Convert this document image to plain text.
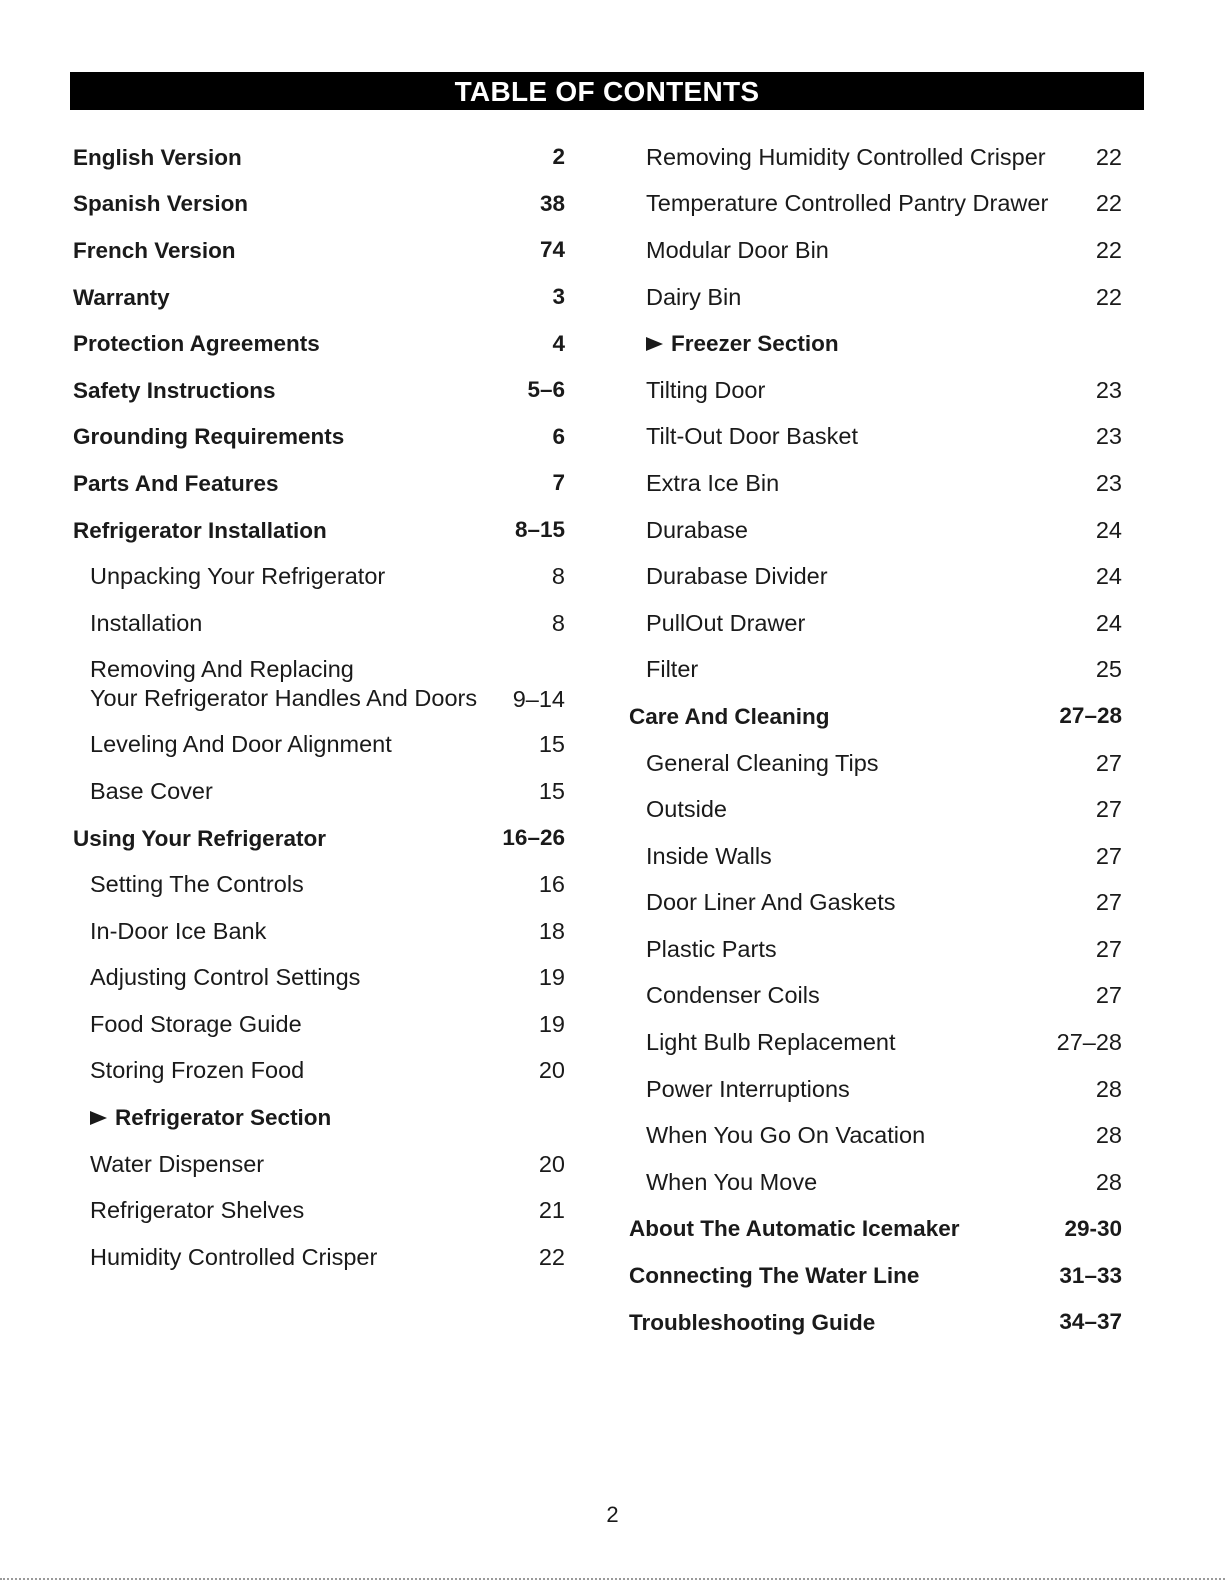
TABLE OF CONTENTS
English Version	2
Spanish Version	38
French Version	74
Warranty	3
Protection Agreements	4
Safety Instructions	5–6
Grounding Requirements	6
Parts And Features	7
Refrigerator Installation	8–15
Unpacking Your Refrigerator	8
Installation	8
Removing And Replacing
Your Refrigerator Handles And Doors 9–14
Leveling And Door Alignment	15
Base Cover	15
Using Your Refrigerator	16–26
Setting The Controls	16
In-Door Ice Bank	18
Adjusting Control Settings	19
Food Storage Guide	19
Storing Frozen Food	20
Refrigerator Section
Water Dispenser	20
Refrigerator Shelves	21
Humidity Controlled Crisper	22
Removing Humidity Controlled Crisper 22
Temperature Controlled Pantry Drawer 22
Modular Door Bin	22
Dairy Bin	22
Freezer Section
Tilting Door	23
Tilt-Out Door Basket	23
Extra Ice Bin	23
Durabase	24
Durabase Divider	24
PullOut Drawer	24
Filter	25
Care And Cleaning	27–28
General Cleaning Tips	27
Outside	27
Inside Walls	27
Door Liner And Gaskets	27
Plastic Parts	27
Condenser Coils	27
Light Bulb Replacement	27–28
Power Interruptions	28
When You Go On Vacation	28
When You Move	28
About The Automatic Icemaker	29-30
Connecting The Water Line	31–33
Troubleshooting Guide	34–37
2
